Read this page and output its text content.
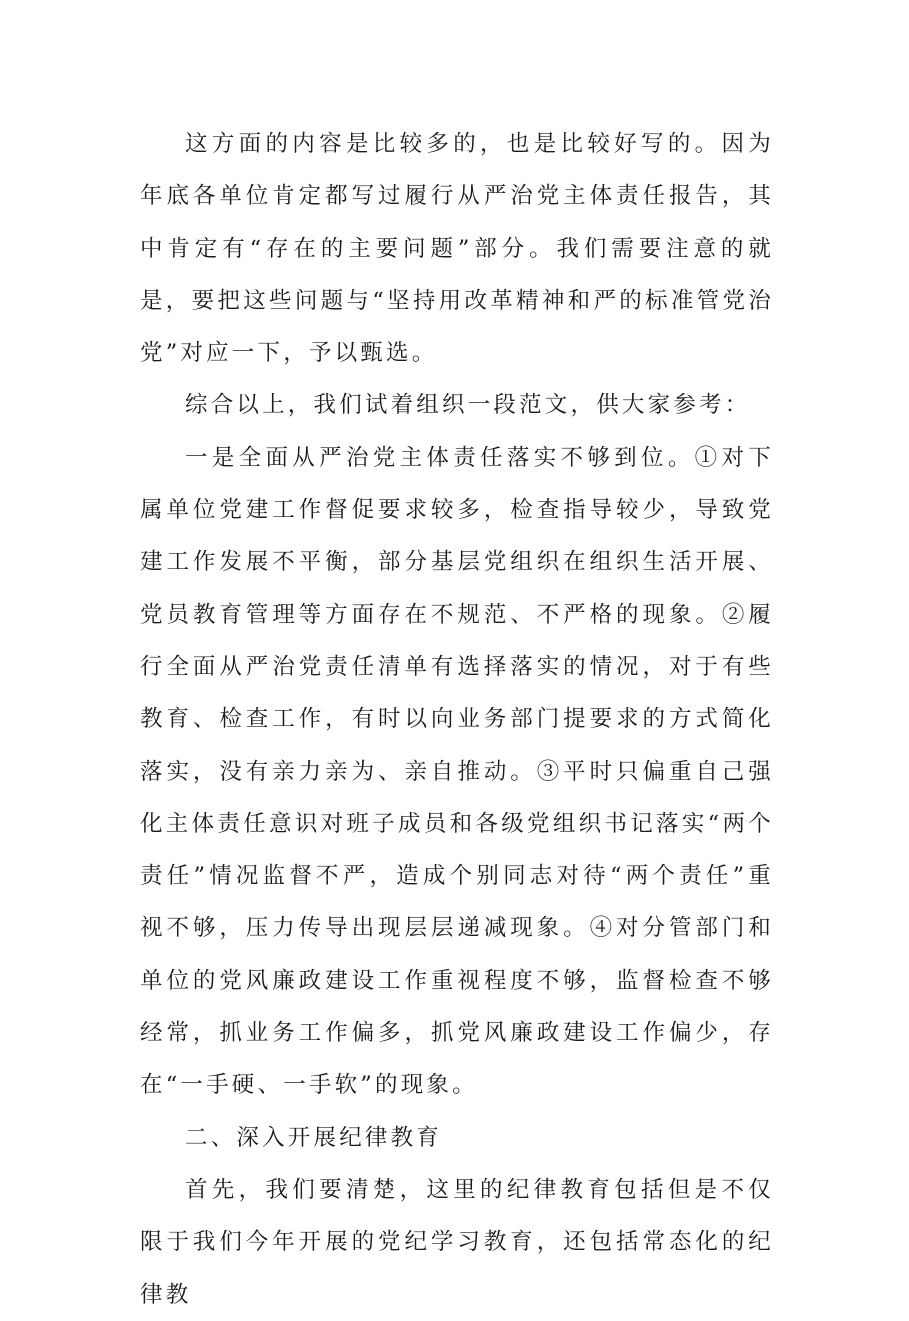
这方面的内容是比较多的，也是比较好写的。因为年底各单位肯定都写过履行从严治党主体责任报告，其中肯定有“存在的主要问题”部分。我们需要注意的就是，要把这些问题与“坚持用改革精神和严的标准管党治党”对应一下，予以甄选。

综合以上，我们试着组织一段范文，供大家参考：

一是全面从严治党主体责任落实不够到位。①对下属单位党建工作督促要求较多，检查指导较少，导致党建工作发展不平衡，部分基层党组织在组织生活开展、党员教育管理等方面存在不规范、不严格的现象。②履行全面从严治党责任清单有选择落实的情况，对于有些教育、检查工作，有时以向业务部门提要求的方式简化落实，没有亲力亲为、亲自推动。③平时只偏重自己强化主体责任意识对班子成员和各级党组织书记落实“两个责任”情况监督不严，造成个别同志对待“两个责任”重视不够，压力传导出现层层递减现象。④对分管部门和单位的党风廉政建设工作重视程度不够，监督检查不够经常，抓业务工作偏多，抓党风廉政建设工作偏少，存在“一手硬、一手软”的现象。

二、深入开展纪律教育

首先，我们要清楚，这里的纪律教育包括但是不仅限于我们今年开展的党纪学习教育，还包括常态化的纪律教
